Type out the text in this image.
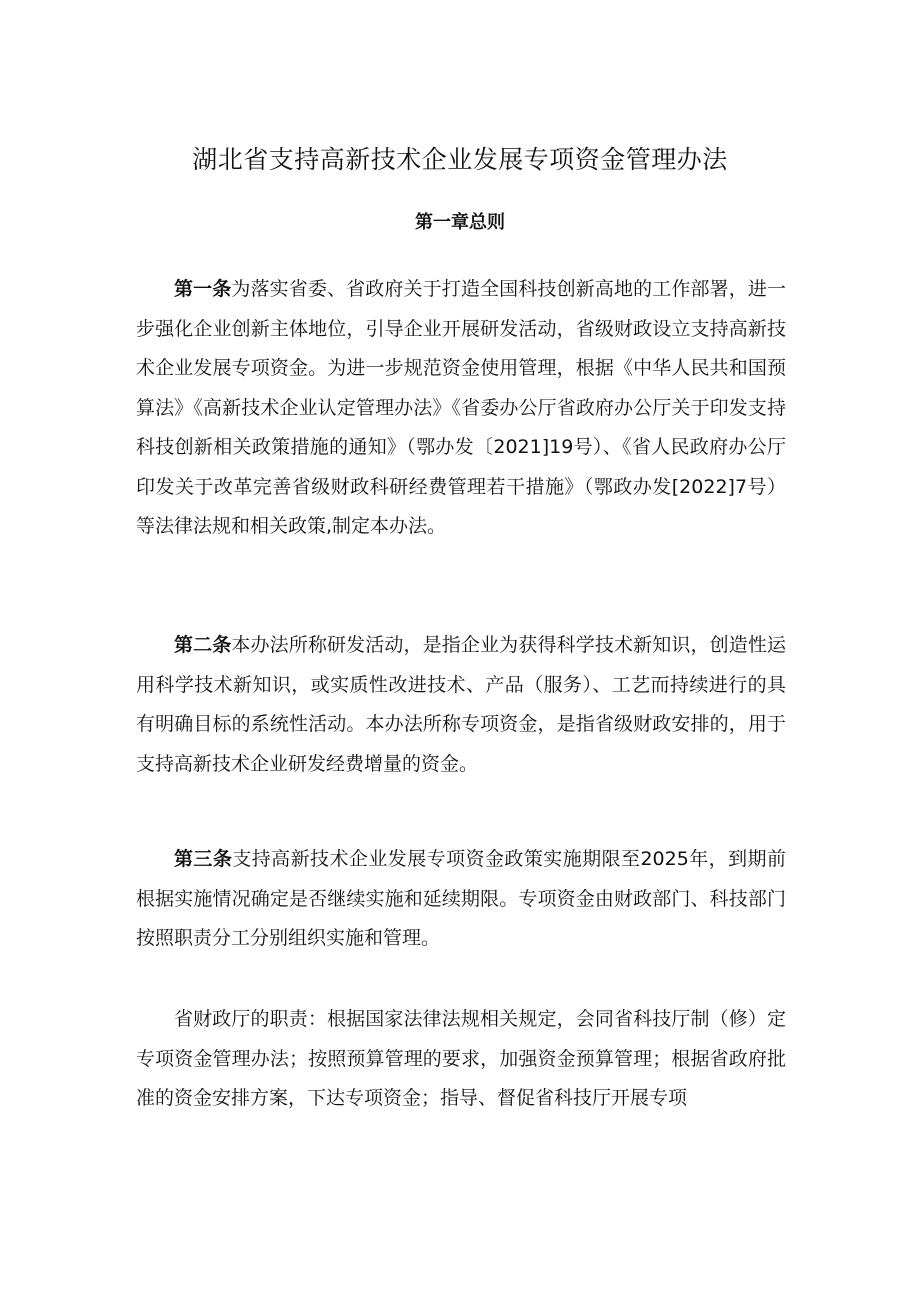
湖北省支持高新技术企业发展专项资金管理办法
第一章总则

第一条为落实省委、省政府关于打造全国科技创新高地的工作部署，进一步强化企业创新主体地位，引导企业开展研发活动，省级财政设立支持高新技术企业发展专项资金。为进一步规范资金使用管理，根据《中华人民共和国预算法》《高新技术企业认定管理办法》《省委办公厅省政府办公厅关于印发支持科技创新相关政策措施的通知》（鄂办发〔2021]19号）、《省人民政府办公厅印发关于改革完善省级财政科研经费管理若干措施》（鄂政办发[2022]7号）等法律法规和相关政策,制定本办法。

第二条本办法所称研发活动，是指企业为获得科学技术新知识，创造性运用科学技术新知识，或实质性改进技术、产品（服务）、工艺而持续进行的具有明确目标的系统性活动。本办法所称专项资金，是指省级财政安排的，用于支持高新技术企业研发经费增量的资金。

第三条支持高新技术企业发展专项资金政策实施期限至2025年，到期前根据实施情况确定是否继续实施和延续期限。专项资金由财政部门、科技部门按照职责分工分别组织实施和管理。

省财政厅的职责：根据国家法律法规相关规定，会同省科技厅制（修）定专项资金管理办法；按照预算管理的要求，加强资金预算管理；根据省政府批准的资金安排方案，下达专项资金；指导、督促省科技厅开展专项
